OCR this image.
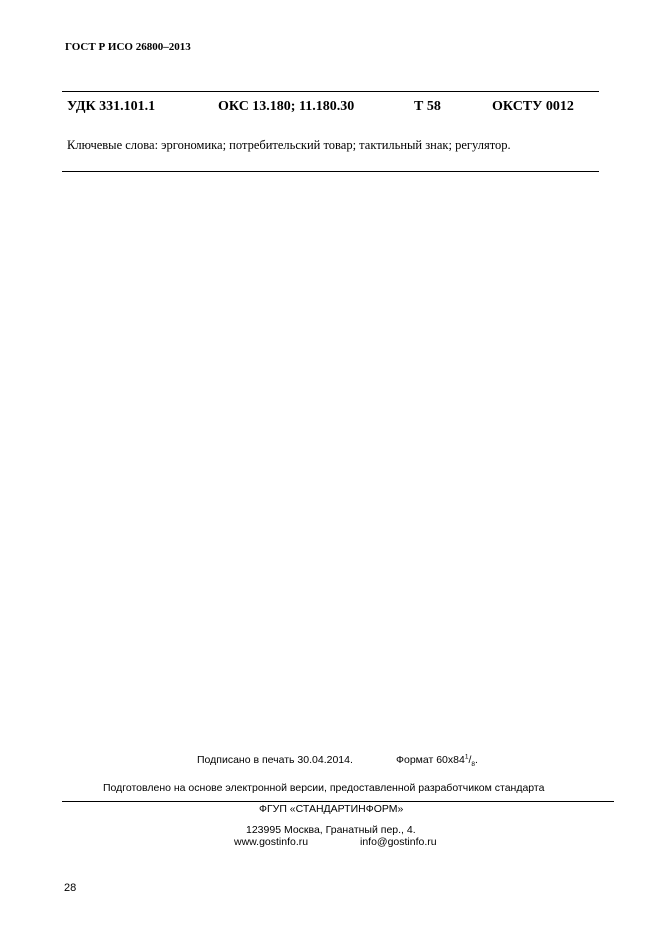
ГОСТ Р ИСО 26800–2013
УДК 331.101.1	ОКС 13.180; 11.180.30	Т 58	ОКСТУ 0012
Ключевые слова: эргономика; потребительский товар; тактильный знак; регулятор.
Подписано в печать 30.04.2014.	Формат $60x84^1/_8$.
Подготовлено на основе электронной версии, предоставленной разработчиком стандарта
ФГУП «СТАНДАРТИНФОРМ»
123995 Москва, Гранатный пер., 4.
www.gostinfo.ru	info@gostinfo.ru
28
